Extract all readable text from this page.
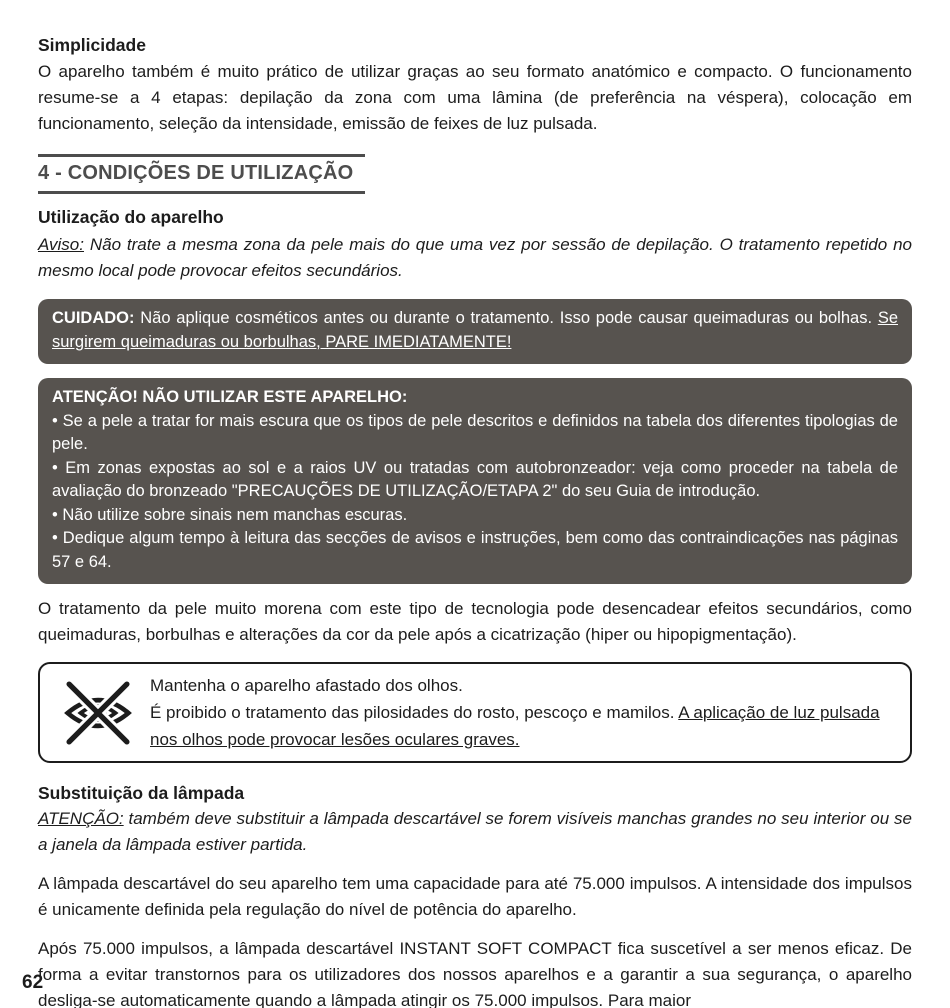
Simplicidade

O aparelho também é muito prático de utilizar graças ao seu formato anatómico e compacto. O funcionamento resume-se a 4 etapas: depilação da zona com uma lâmina (de preferência na véspera), colocação em funcionamento, seleção da intensidade, emissão de feixes de luz pulsada.

4 - CONDIÇÕES DE UTILIZAÇÃO
Utilização do aparelho

Aviso: Não trate a mesma zona da pele mais do que uma vez por sessão de depilação. O tratamento repetido no mesmo local pode provocar efeitos secundários.

CUIDADO: Não aplique cosméticos antes ou durante o tratamento. Isso pode causar queimaduras ou bolhas. Se surgirem queimaduras ou borbulhas, PARE IMEDIATAMENTE!

ATENÇÃO! NÃO UTILIZAR ESTE APARELHO:

• Se a pele a tratar for mais escura que os tipos de pele descritos e definidos na tabela dos diferentes tipologias de pele.

• Em zonas expostas ao sol e a raios UV ou tratadas com autobronzeador: veja como proceder na tabela de avaliação do bronzeado "PRECAUÇÕES DE UTILIZAÇÃO/ETAPA 2" do seu Guia de introdução.

• Não utilize sobre sinais nem manchas escuras.

• Dedique algum tempo à leitura das secções de avisos e instruções, bem como das contraindicações nas páginas 57 e 64.

O tratamento da pele muito morena com este tipo de tecnologia pode desencadear efeitos secundários, como queimaduras, borbulhas e alterações da cor da pele após a cicatrização (hiper ou hipopigmentação).

Mantenha o aparelho afastado dos olhos.
É proibido o tratamento das pilosidades do rosto, pescoço e mamilos. A aplicação de luz pulsada nos olhos pode provocar lesões oculares graves.
Substituição da lâmpada

ATENÇÃO: também deve substituir a lâmpada descartável se forem visíveis manchas grandes no seu interior ou se a janela da lâmpada estiver partida.

A lâmpada descartável do seu aparelho tem uma capacidade para até 75.000 impulsos. A intensidade dos impulsos é unicamente definida pela regulação do nível de potência do aparelho.

Após 75.000 impulsos, a lâmpada descartável INSTANT SOFT COMPACT fica suscetível a ser menos eficaz. De forma a evitar transtornos para os utilizadores dos nossos aparelhos e a garantir a sua segurança, o aparelho desliga-se automaticamente quando a lâmpada atingir os 75.000 impulsos. Para maior

62
